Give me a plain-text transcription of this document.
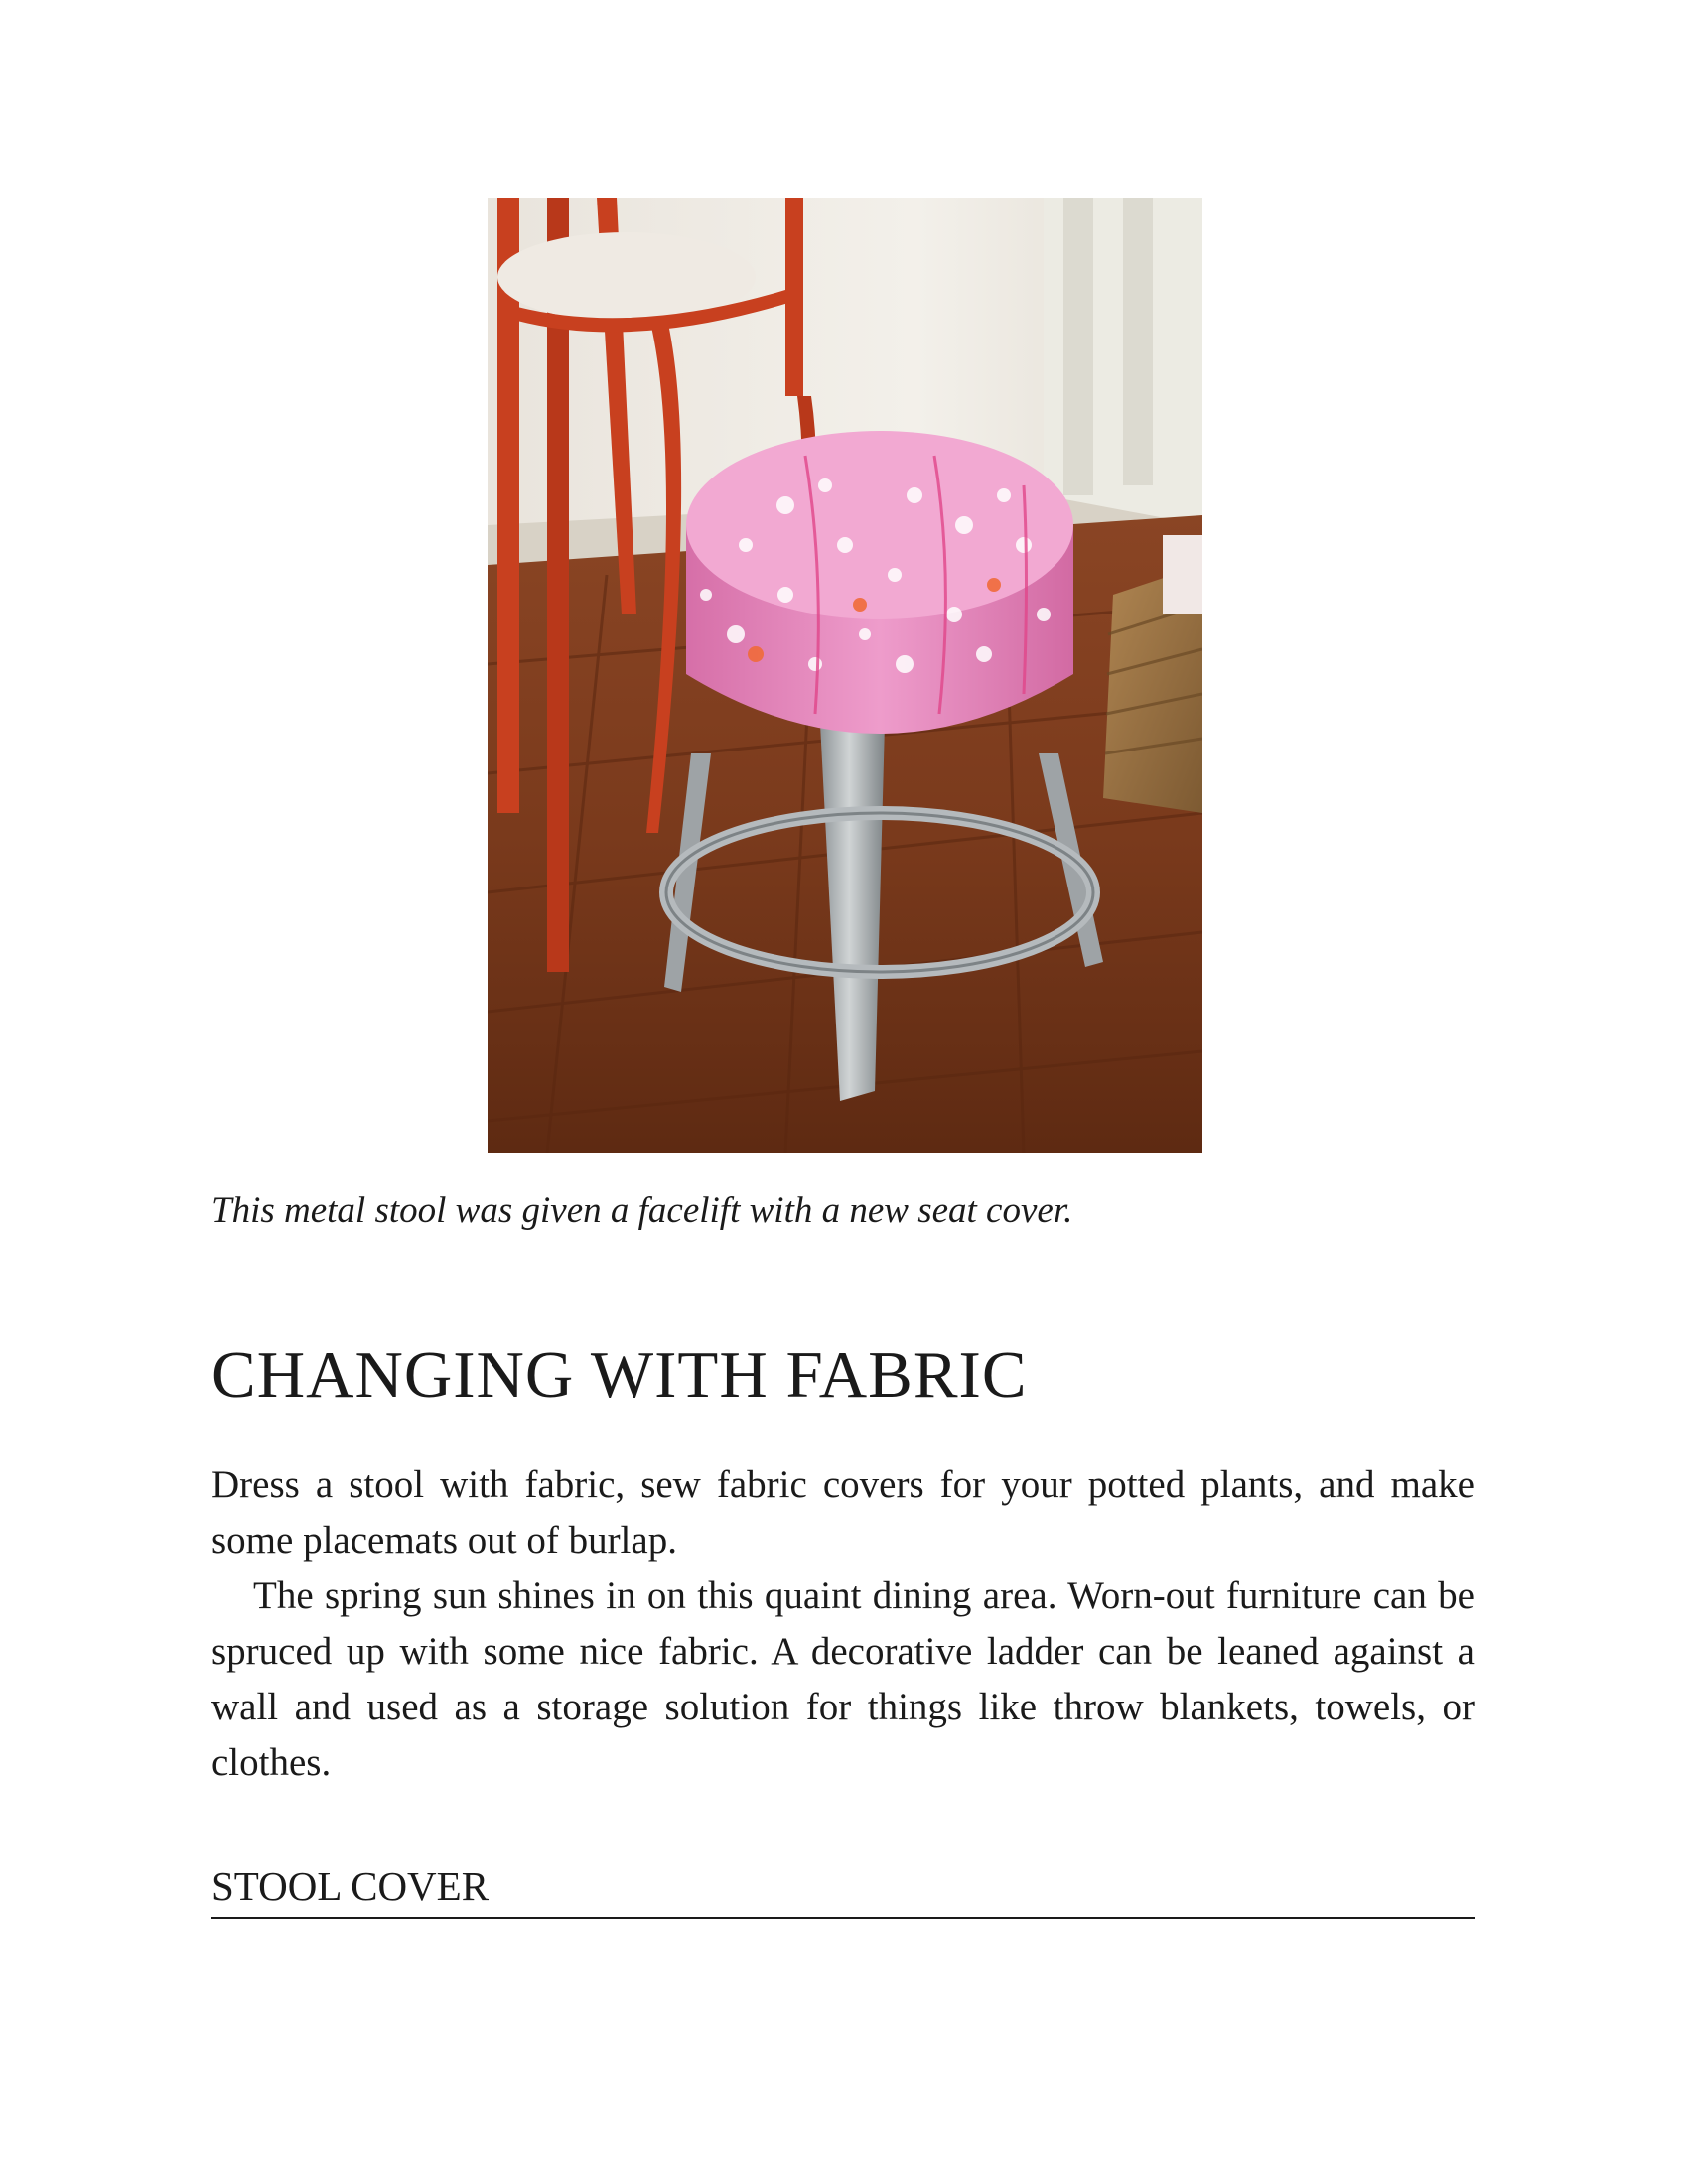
This metal stool was given a facelift with a new seat cover.

CHANGING WITH FABRIC

Dress a stool with fabric, sew fabric covers for your potted plants, and make some placemats out of burlap.

The spring sun shines in on this quaint dining area. Worn-out furniture can be spruced up with some nice fabric. A decorative ladder can be leaned against a wall and used as a storage solution for things like throw blankets, towels, or clothes.

STOOL COVER
